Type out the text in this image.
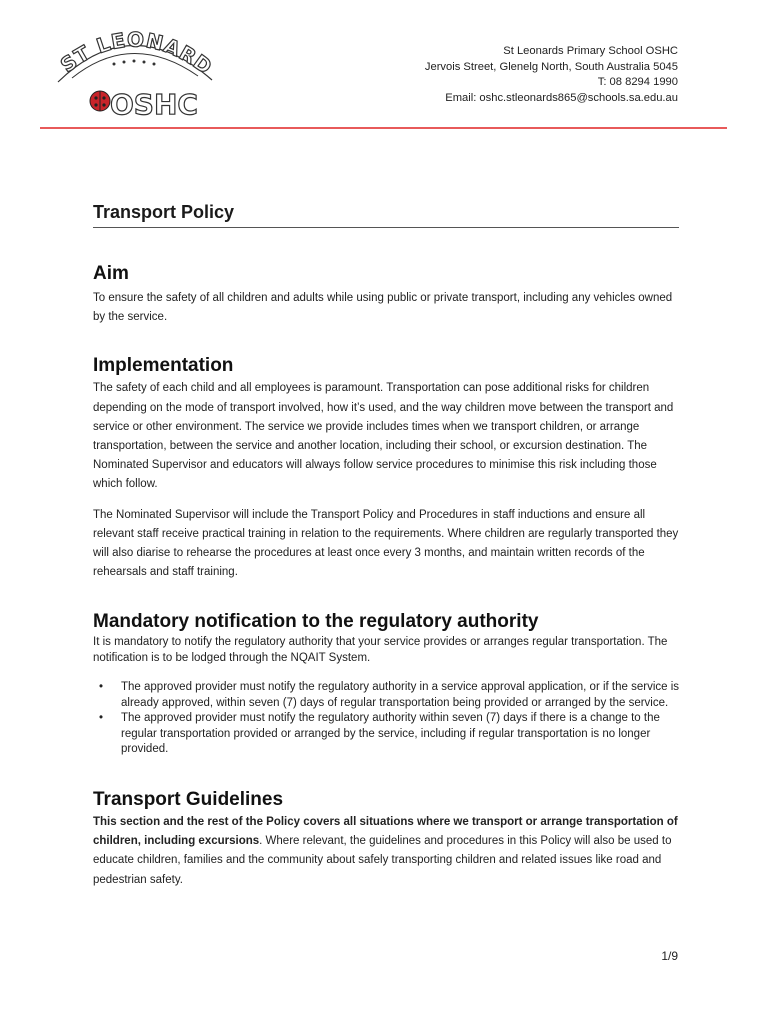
ST LEONARD
OSHC
St Leonards Primary School OSHC
Jervois Street, Glenelg North, South Australia 5045
T: 08 8294 1990
Email: oshc.stleonards865@schools.sa.edu.au
Transport Policy
Aim

To ensure the safety of all children and adults while using public or private transport, including any vehicles owned by the service.

Implementation

The safety of each child and all employees is paramount. Transportation can pose additional risks for children depending on the mode of transport involved, how it’s used, and the way children move between the transport and service or other environment. The service we provide includes times when we transport children, or arrange transportation, between the service and another location, including their school, or excursion destination. The Nominated Supervisor and educators will always follow service procedures to minimise this risk including those which follow.

The Nominated Supervisor will include the Transport Policy and Procedures in staff inductions and ensure all relevant staff receive practical training in relation to the requirements. Where children are regularly transported they will also diarise to rehearse the procedures at least once every 3 months, and maintain written records of the rehearsals and staff training.

Mandatory notification to the regulatory authority

It is mandatory to notify the regulatory authority that your service provides or arranges regular transportation. The notification is to be lodged through the NQAIT System.

• The approved provider must notify the regulatory authority in a service approval application, or if the service is already approved, within seven (7) days of regular transportation being provided or arranged by the service.
• The approved provider must notify the regulatory authority within seven (7) days if there is a change to the regular transportation provided or arranged by the service, including if regular transportation is no longer provided.
Transport Guidelines

This section and the rest of the Policy covers all situations where we transport or arrange transportation of children, including excursions. Where relevant, the guidelines and procedures in this Policy will also be used to educate children, families and the community about safely transporting children and related issues like road and pedestrian safety.

1/9
